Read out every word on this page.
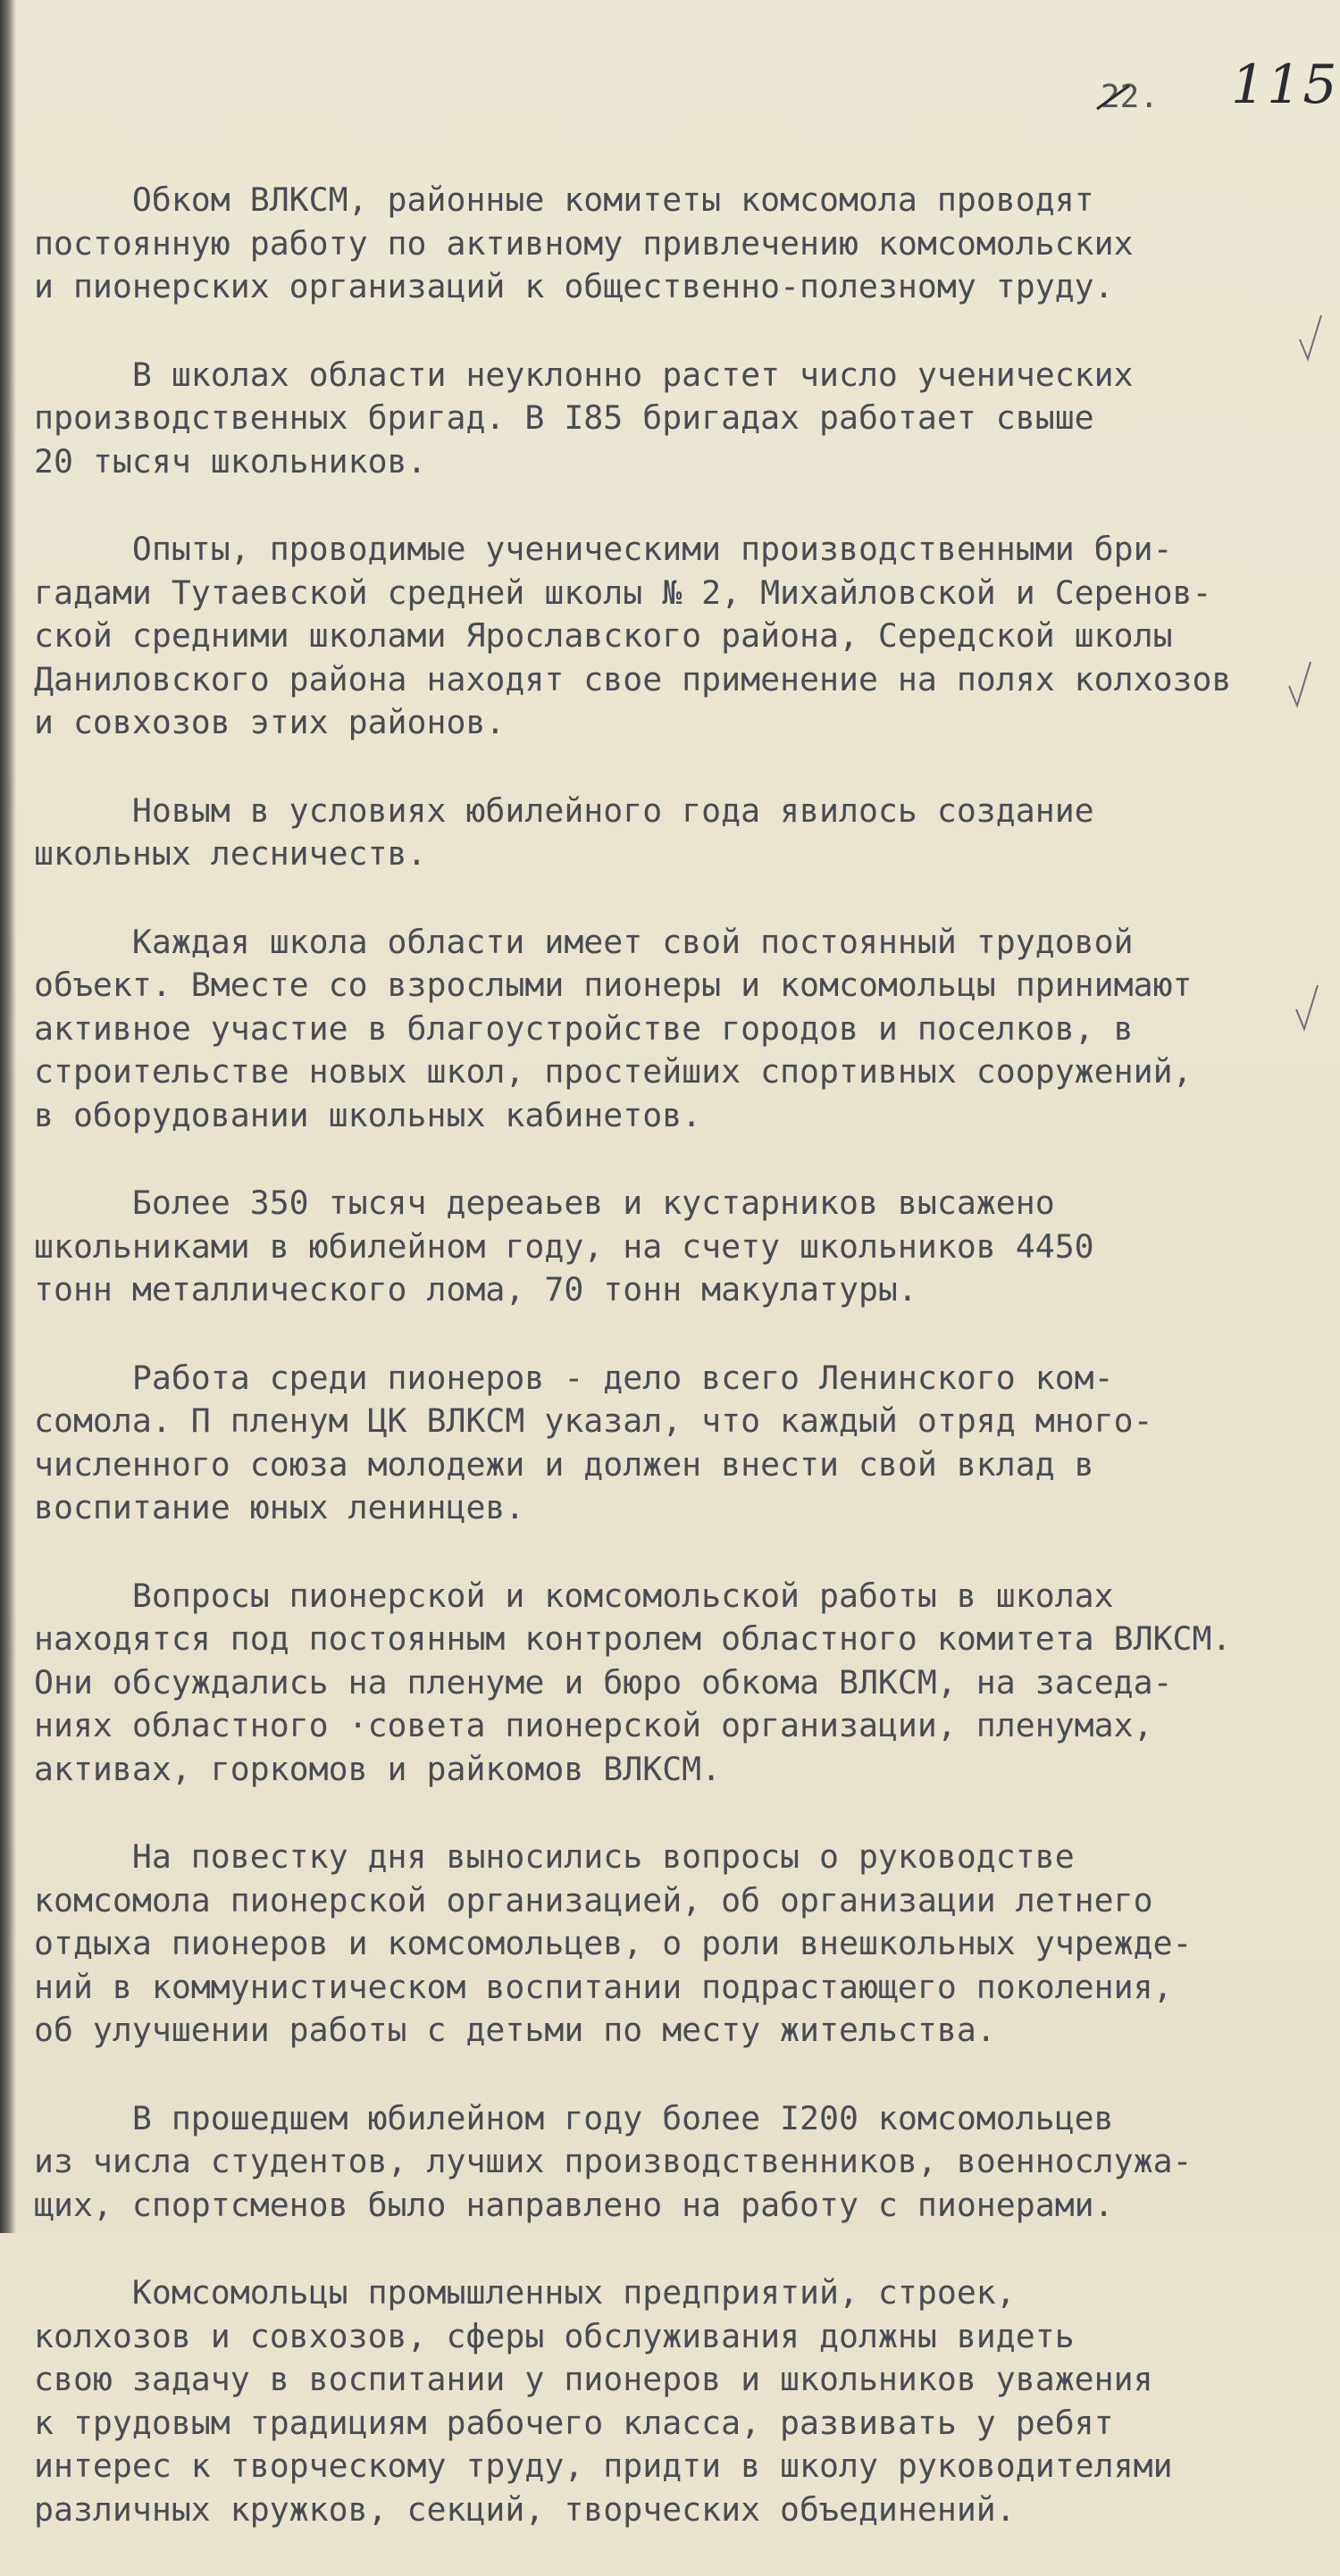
22. 115

Обком ВЛКСМ, районные комитеты комсомола проводят
постоянную работу по активному привлечению комсомольских
и пионерских организаций к общественно-полезному труду.

В школах области неуклонно растет число ученических
производственных бригад. В I85 бригадах работает свыше
20 тысяч школьников.

Опыты, проводимые ученическими производственными бри-
гадами Тутаевской средней школы № 2, Михайловской и Серенов-
ской средними школами Ярославского района, Середской школы
Даниловского района находят свое применение на полях колхозов
и совхозов этих районов.

Новым в условиях юбилейного года явилось создание
школьных лесничеств.

Каждая школа области имеет свой постоянный трудовой
объект. Вместе со взрослыми пионеры и комсомольцы принимают
активное участие в благоустройстве городов и поселков, в
строительстве новых школ, простейших спортивных сооружений,
в оборудовании школьных кабинетов.

Более 350 тысяч дереаьев и кустарников высажено
школьниками в юбилейном году, на счету школьников 4450
тонн металлического лома, 70 тонн макулатуры.

Работа среди пионеров - дело всего Ленинского ком-
сомола. П пленум ЦК ВЛКСМ указал, что каждый отряд много-
численного союза молодежи и должен внести свой вклад в
воспитание юных ленинцев.

Вопросы пионерской и комсомольской работы в школах
находятся под постоянным контролем областного комитета ВЛКСМ.
Они обсуждались на пленуме и бюро обкома ВЛКСМ, на заседа-
ниях областного ·совета пионерской организации, пленумах,
активах, горкомов и райкомов ВЛКСМ.

На повестку дня выносились вопросы о руководстве
комсомола пионерской организацией, об организации летнего
отдыха пионеров и комсомольцев, о роли внешкольных учрежде-
ний в коммунистическом воспитании подрастающего поколения,
об улучшении работы с детьми по месту жительства.

В прошедшем юбилейном году более I200 комсомольцев
из числа студентов, лучших производственников, военнослужа-
щих, спортсменов было направлено на работу с пионерами.

Комсомольцы промышленных предприятий, строек,
колхозов и совхозов, сферы обслуживания должны видеть
свою задачу в воспитании у пионеров и школьников уважения
к трудовым традициям рабочего класса, развивать у ребят
интерес к творческому труду, придти в школу руководителями
различных кружков, секций, творческих объединений.
